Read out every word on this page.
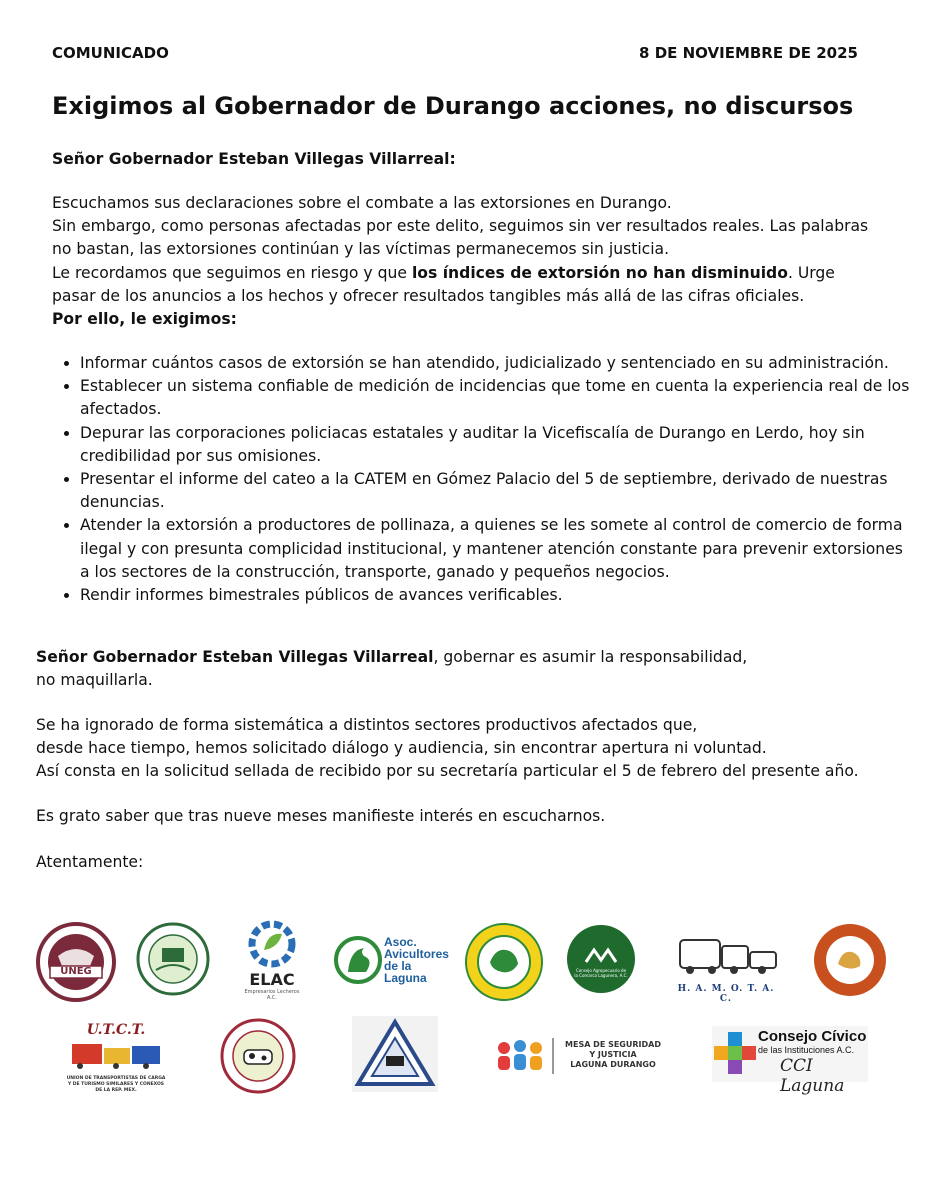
COMUNICADO	8 DE NOVIEMBRE DE 2025
Exigimos al Gobernador de Durango acciones, no discursos

Señor Gobernador Esteban Villegas Villarreal:

Escuchamos sus declaraciones sobre el combate a las extorsiones en Durango.
Sin embargo, como personas afectadas por este delito, seguimos sin ver resultados reales. Las palabras no bastan, las extorsiones continúan y las víctimas permanecemos sin justicia.
Le recordamos que seguimos en riesgo y que los índices de extorsión no han disminuido. Urge pasar de los anuncios a los hechos y ofrecer resultados tangibles más allá de las cifras oficiales.
Por ello, le exigimos:
• Informar cuántos casos de extorsión se han atendido, judicializado y sentenciado en su administración.
• Establecer un sistema confiable de medición de incidencias que tome en cuenta la experiencia real de los afectados.
• Depurar las corporaciones policiacas estatales y auditar la Vicefiscalía de Durango en Lerdo, hoy sin credibilidad por sus omisiones.
• Presentar el informe del cateo a la CATEM en Gómez Palacio del 5 de septiembre, derivado de nuestras denuncias.
• Atender la extorsión a productores de pollinaza, a quienes se les somete al control de comercio de forma ilegal y con presunta complicidad institucional, y mantener atención constante para prevenir extorsiones a los sectores de la construcción, transporte, ganado y pequeños negocios.
• Rendir informes bimestrales públicos de avances verificables.
Señor Gobernador Esteban Villegas Villarreal, gobernar es asumir la responsabilidad,
no maquillarla.
Se ha ignorado de forma sistemática a distintos sectores productivos afectados que,
desde hace tiempo, hemos solicitado diálogo y audiencia, sin encontrar apertura ni voluntad.
Así consta en la solicitud sellada de recibido por su secretaría particular el 5 de febrero del presente año.

Es grato saber que tras nueve meses manifieste interés en escucharnos.

Atentamente:

UNEG	ELAC
Empresarios Lecheros A.C.
Asoc.
Avicultores
de la
Laguna
Consejo Agropecuario de la Comarca Lagunera, A.C.
H. A. M. O. T. A. C.
U.T.C.T.
UNION DE TRANSPORTISTAS DE CARGA Y DE TURISMO SIMILARES Y CONEXOS DE LA REP. MEX.
MESA DE SEGURIDAD
Y JUSTICIA
LAGUNA DURANGO
Consejo Cívico
de las Instituciones A.C.
CCI Laguna
